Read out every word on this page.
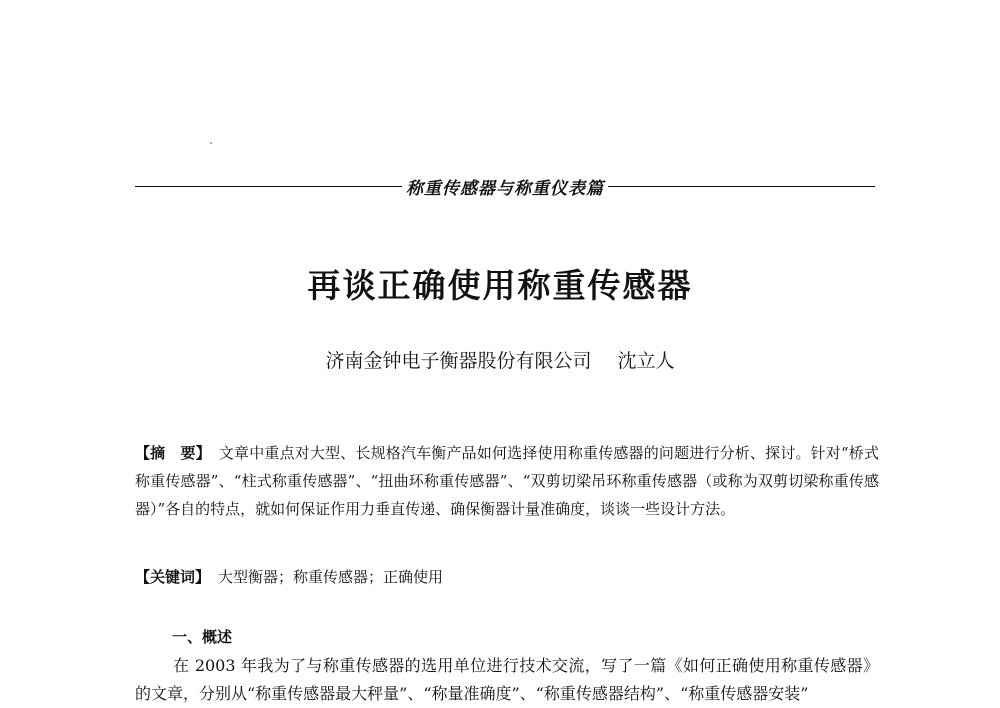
称重传感器与称重仪表篇
再谈正确使用称重传感器
济南金钟电子衡器股份有限公司 沈立人
【摘　要】 文章中重点对大型、长规格汽车衡产品如何选择使用称重传感器的问题进行分析、探讨。针对“桥式称重传感器”、“柱式称重传感器”、“扭曲环称重传感器”、“双剪切梁吊环称重传感器（或称为双剪切梁称重传感器）”各自的特点，就如何保证作用力垂直传递、确保衡器计量准确度，谈谈一些设计方法。
【关键词】 大型衡器；称重传感器；正确使用
一、概述
在 2003 年我为了与称重传感器的选用单位进行技术交流，写了一篇《如何正确使用称重传感器》的文章，分别从“称重传感器最大秤量”、“称量准确度”、“称重传感器结构”、“称重传感器安装”
